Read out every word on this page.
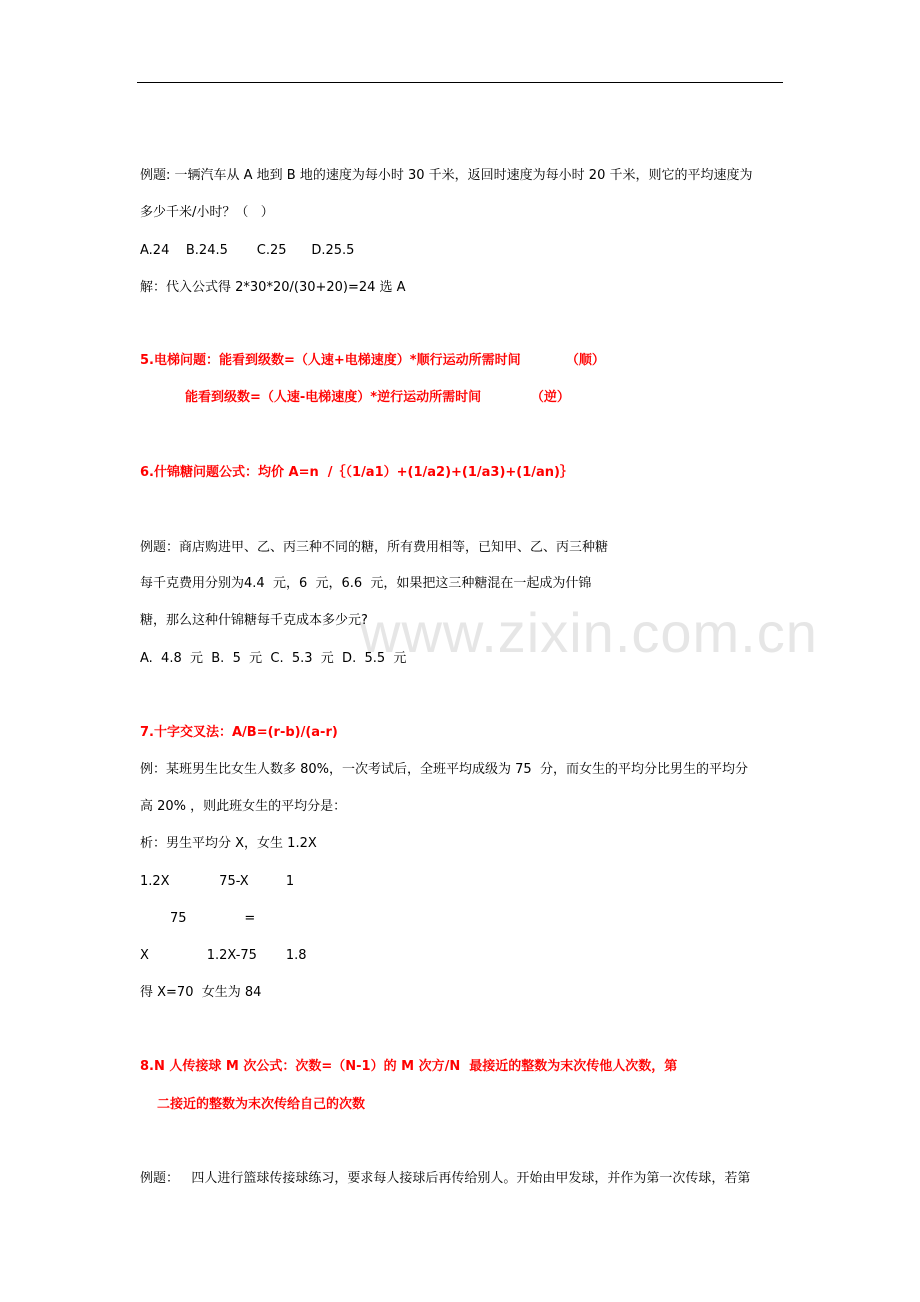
www.zixin.com.cn
例题: 一辆汽车从 A 地到 B 地的速度为每小时 30 千米，返回时速度为每小时 20 千米，则它的平均速度为
多少千米/小时？（   ）
A.24    B.24.5       C.25      D.25.5
解：代入公式得 2*30*20/(30+20)=24 选 A
5.电梯问题：能看到级数=（人速+电梯速度）*顺行运动所需时间          （顺）
能看到级数=（人速-电梯速度）*逆行运动所需时间           （逆）
6.什锦糖问题公式：均价 A=n  /｛（1/a1）+(1/a2)+(1/a3)+(1/an)｝
例题：商店购进甲、乙、丙三种不同的糖，所有费用相等，已知甲、乙、丙三种糖
每千克费用分别为4.4  元，6  元，6.6  元，如果把这三种糖混在一起成为什锦
糖，那么这种什锦糖每千克成本多少元?
A.  4.8  元  B.  5  元  C.  5.3  元  D.  5.5  元
7.十字交叉法：A/B=(r-b)/(a-r)
例：某班男生比女生人数多 80%，一次考试后，全班平均成级为 75  分，而女生的平均分比男生的平均分
高 20% ，则此班女生的平均分是：
析：男生平均分 X，女生 1.2X
1.2X            75-X         1
75              =
X              1.2X-75       1.8
得 X=70  女生为 84
8.N 人传接球 M 次公式：次数=（N-1）的 M 次方/N  最接近的整数为末次传他人次数，第
二接近的整数为末次传给自己的次数
例题：   四人进行篮球传接球练习，要求每人接球后再传给别人。开始由甲发球，并作为第一次传球，若第
